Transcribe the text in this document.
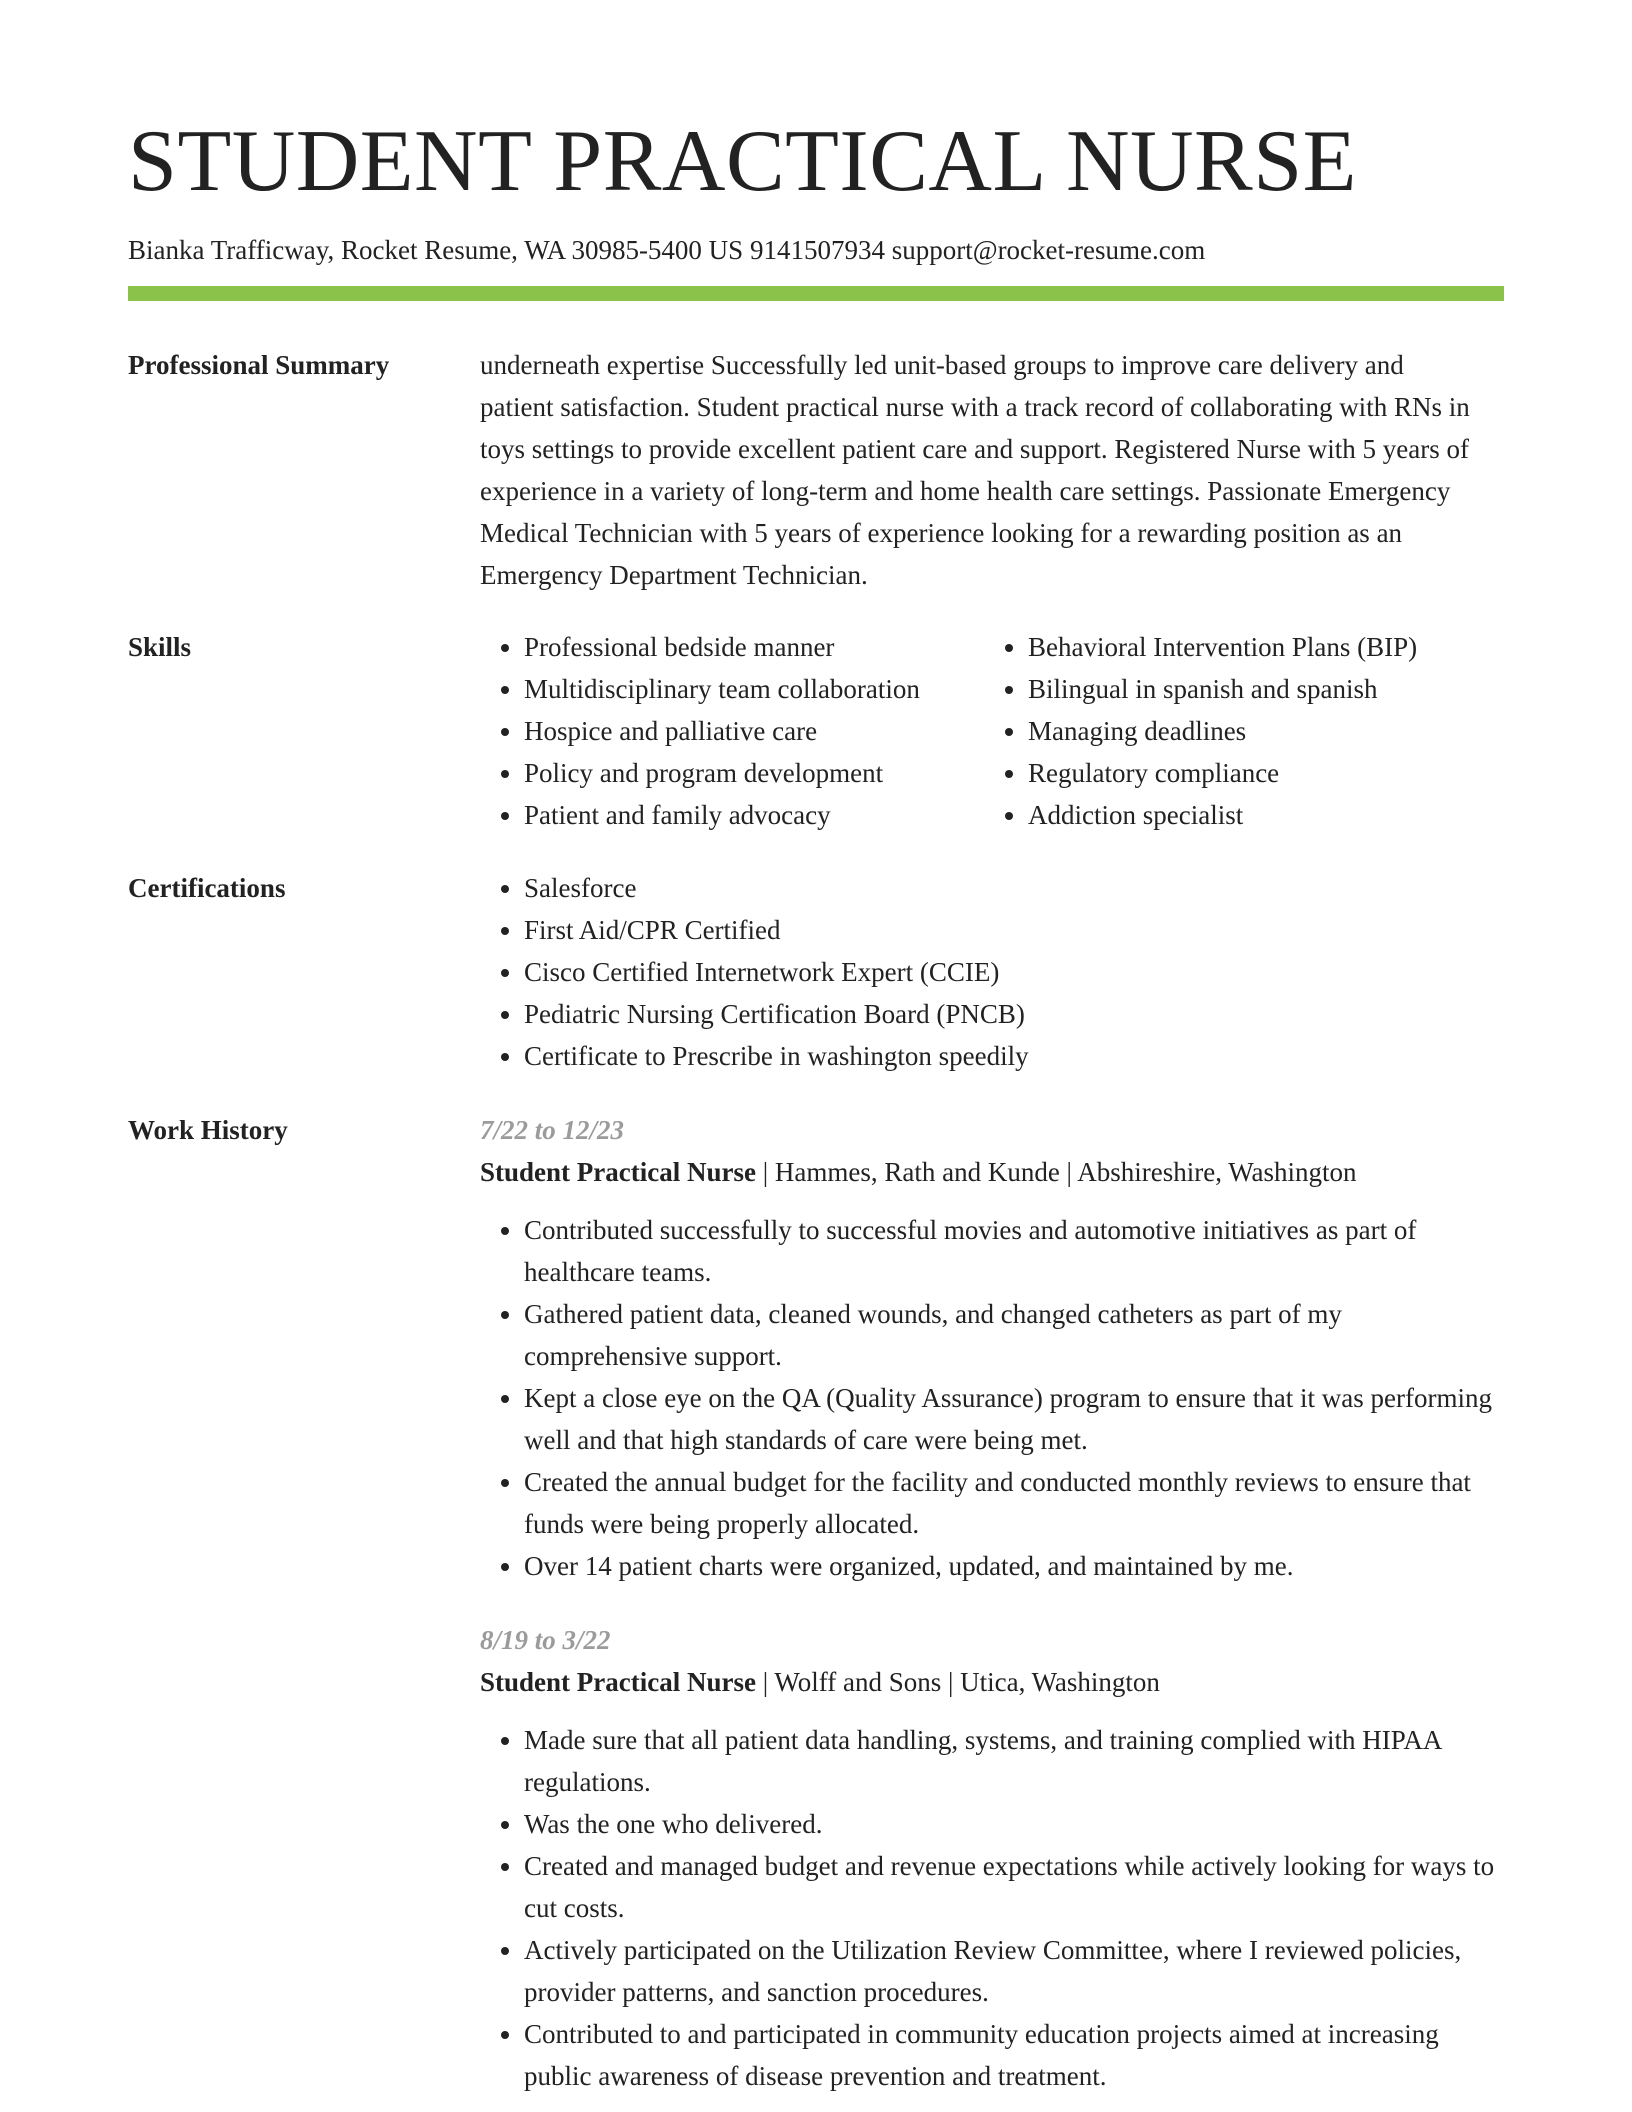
STUDENT PRACTICAL NURSE
Bianka Trafficway, Rocket Resume, WA 30985-5400 US 9141507934 support@rocket-resume.com
Professional Summary	underneath expertise Successfully led unit-based groups to improve care delivery and patient satisfaction. Student practical nurse with a track record of collaborating with RNs in toys settings to provide excellent patient care and support. Registered Nurse with 5 years of experience in a variety of long-term and home health care settings. Passionate Emergency Medical Technician with 5 years of experience looking for a rewarding position as an Emergency Department Technician.

Skills	• Professional bedside manner
• Multidisciplinary team collaboration
• Hospice and palliative care
• Policy and program development
• Patient and family advocacy
• Behavioral Intervention Plans (BIP)
• Bilingual in spanish and spanish
• Managing deadlines
• Regulatory compliance
• Addiction specialist
Certifications	• Salesforce
• First Aid/CPR Certified
• Cisco Certified Internetwork Expert (CCIE)
• Pediatric Nursing Certification Board (PNCB)
• Certificate to Prescribe in washington speedily
Work History	7/22 to 12/23
Student Practical Nurse | Hammes, Rath and Kunde | Abshireshire, Washington
• Contributed successfully to successful movies and automotive initiatives as part of healthcare teams.
• Gathered patient data, cleaned wounds, and changed catheters as part of my comprehensive support.
• Kept a close eye on the QA (Quality Assurance) program to ensure that it was performing well and that high standards of care were being met.
• Created the annual budget for the facility and conducted monthly reviews to ensure that funds were being properly allocated.
• Over 14 patient charts were organized, updated, and maintained by me.
8/19 to 3/22
Student Practical Nurse | Wolff and Sons | Utica, Washington
• Made sure that all patient data handling, systems, and training complied with HIPAA regulations.
• Was the one who delivered.
• Created and managed budget and revenue expectations while actively looking for ways to cut costs.
• Actively participated on the Utilization Review Committee, where I reviewed policies, provider patterns, and sanction procedures.
• Contributed to and participated in community education projects aimed at increasing public awareness of disease prevention and treatment.
